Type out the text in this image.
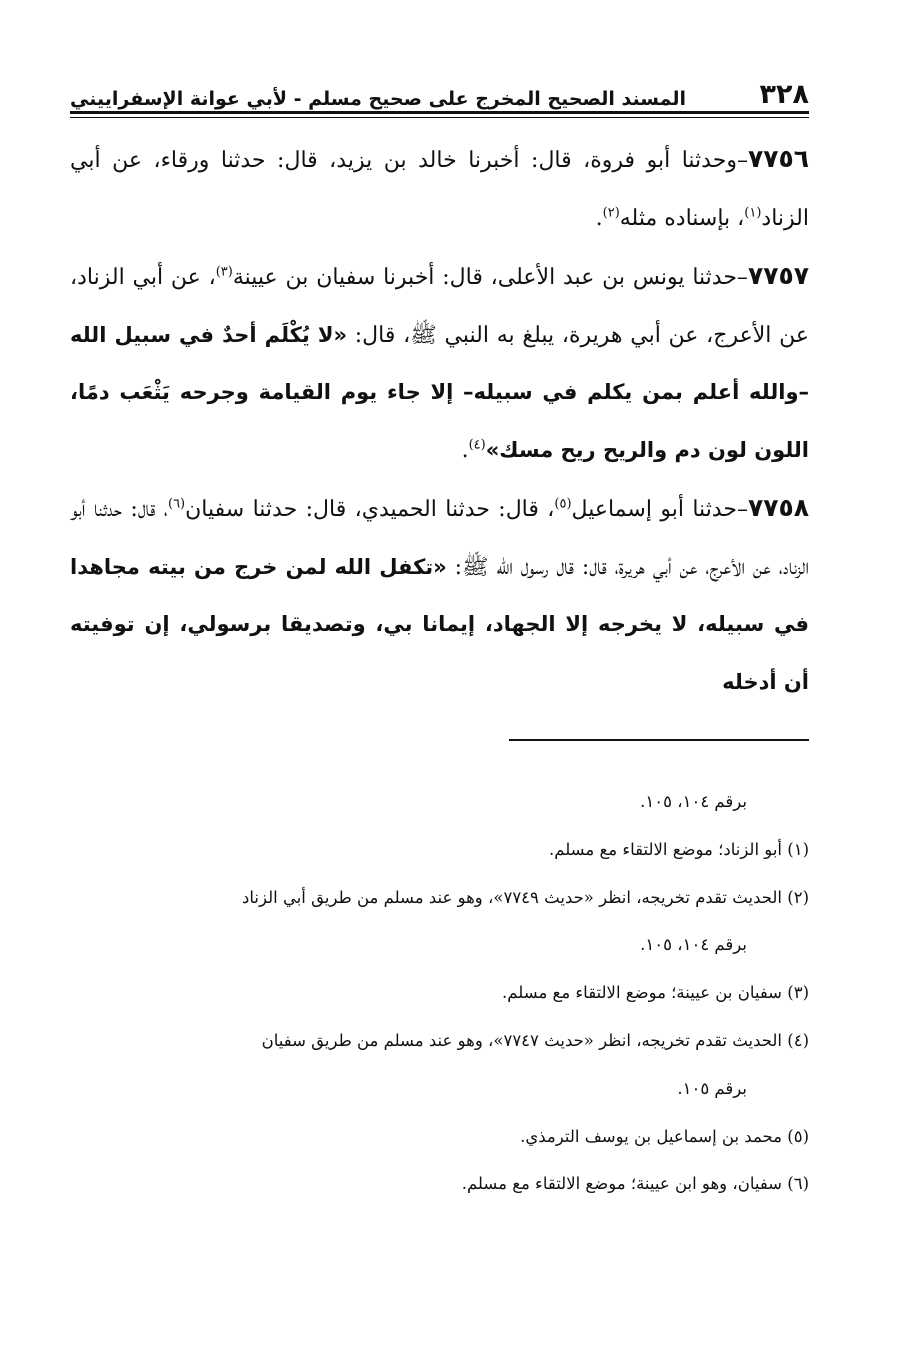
٣٢٨
المسند الصحيح المخرج على صحيح مسلم - لأبي عوانة الإسفراييني

٧٧٥٦–وحدثنا أبو فروة، قال: أخبرنا خالد بن يزيد، قال: حدثنا ورقاء، عن أبي الزناد$^{(١)}$، بإسناده مثله$^{(٢)}$.

٧٧٥٧–حدثنا يونس بن عبد الأعلى، قال: أخبرنا سفيان بن عيينة$^{(٣)}$، عن أبي الزناد، عن الأعرج، عن أبي هريرة، يبلغ به النبي ﷺ، قال: «لا يُكْلَم أحدٌ في سبيل الله –والله أعلم بمن يكلم في سبيله– إلا جاء يوم القيامة وجرحه يَثْعَب دمًا، اللون لون دم والريح ريح مسك»$^{(٤)}$.

٧٧٥٨–حدثنا أبو إسماعيل$^{(٥)}$، قال: حدثنا الحميدي، قال: حدثنا سفيان$^{(٦)}$، قال: حدثنا أبو الزناد، عن الأعرج، عن أبي هريرة، قال: قال رسول الله ﷺ: «تكفل الله لمن خرج من بيته مجاهدا في سبيله، لا يخرجه إلا الجهاد، إيمانا بي، وتصديقا برسولي، إن توفيته أن أدخله

برقم ١٠٤، ١٠٥.

(١) أبو الزناد؛ موضع الالتقاء مع مسلم.

(٢) الحديث تقدم تخريجه، انظر «حديث ٧٧٤٩»، وهو عند مسلم من طريق أبي الزناد

برقم ١٠٤، ١٠٥.

(٣) سفيان بن عيينة؛ موضع الالتقاء مع مسلم.

(٤) الحديث تقدم تخريجه، انظر «حديث ٧٧٤٧»، وهو عند مسلم من طريق سفيان

برقم ١٠٥.

(٥) محمد بن إسماعيل بن يوسف الترمذي.

(٦) سفيان، وهو ابن عيينة؛ موضع الالتقاء مع مسلم.
